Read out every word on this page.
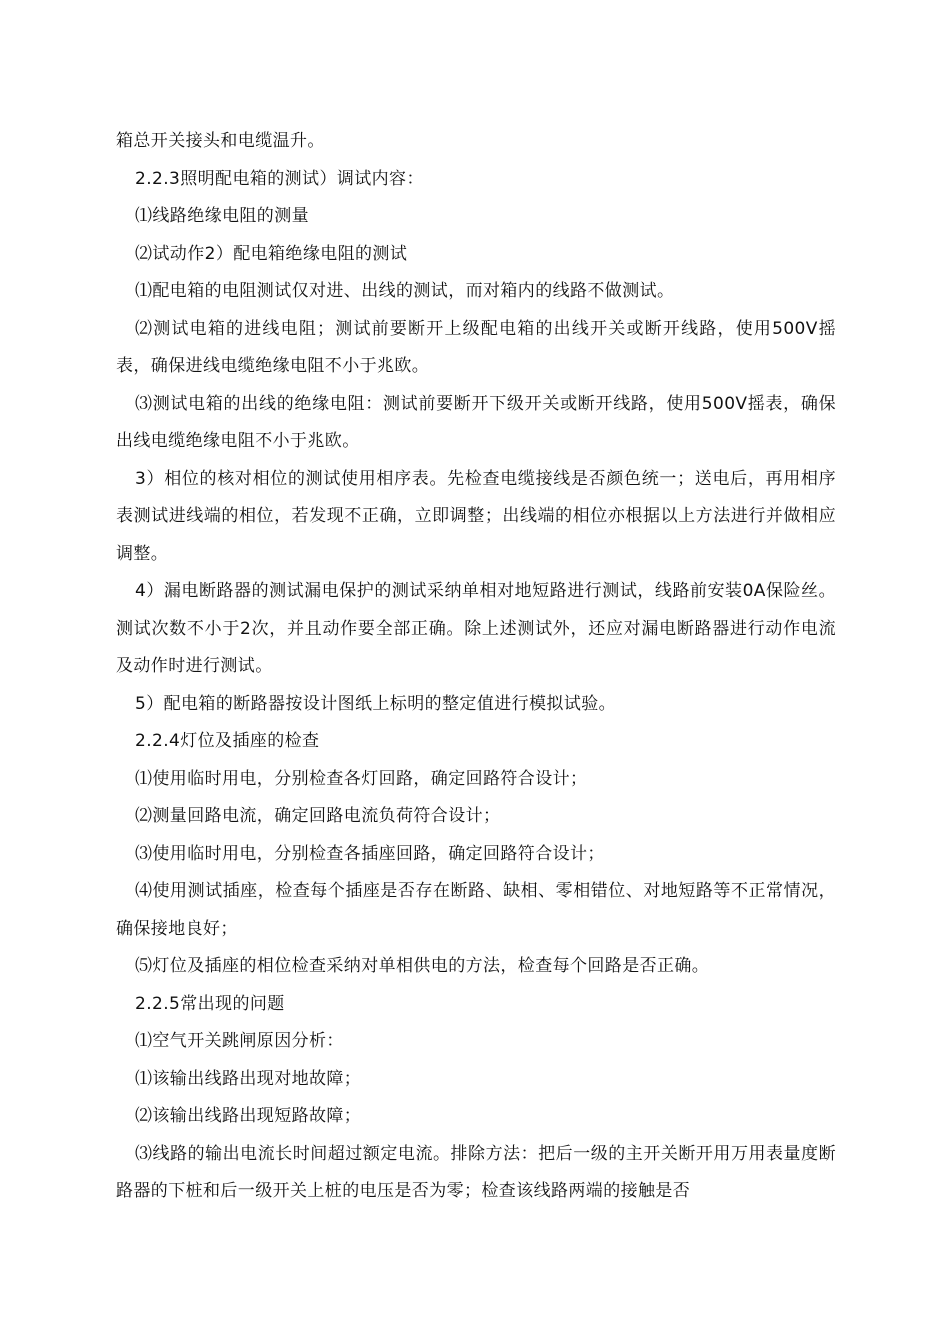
箱总开关接头和电缆温升。

2.2.3照明配电箱的测试）调试内容：

⑴线路绝缘电阻的测量

⑵试动作2）配电箱绝缘电阻的测试

⑴配电箱的电阻测试仅对进、出线的测试，而对箱内的线路不做测试。

⑵测试电箱的进线电阻；测试前要断开上级配电箱的出线开关或断开线路，使用500V摇表，确保进线电缆绝缘电阻不小于兆欧。

⑶测试电箱的出线的绝缘电阻：测试前要断开下级开关或断开线路，使用500V摇表，确保出线电缆绝缘电阻不小于兆欧。

3）相位的核对相位的测试使用相序表。先检查电缆接线是否颜色统一；送电后，再用相序表测试进线端的相位，若发现不正确，立即调整；出线端的相位亦根据以上方法进行并做相应调整。

4）漏电断路器的测试漏电保护的测试采纳单相对地短路进行测试，线路前安装0A保险丝。测试次数不小于2次，并且动作要全部正确。除上述测试外，还应对漏电断路器进行动作电流及动作时进行测试。

5）配电箱的断路器按设计图纸上标明的整定值进行模拟试验。

2.2.4灯位及插座的检查

⑴使用临时用电，分别检查各灯回路，确定回路符合设计；

⑵测量回路电流，确定回路电流负荷符合设计；

⑶使用临时用电，分别检查各插座回路，确定回路符合设计；

⑷使用测试插座，检查每个插座是否存在断路、缺相、零相错位、对地短路等不正常情况，确保接地良好；

⑸灯位及插座的相位检查采纳对单相供电的方法，检查每个回路是否正确。

2.2.5常出现的问题

⑴空气开关跳闸原因分析：

⑴该输出线路出现对地故障；

⑵该输出线路出现短路故障；

⑶线路的输出电流长时间超过额定电流。排除方法：把后一级的主开关断开用万用表量度断路器的下桩和后一级开关上桩的电压是否为零；检查该线路两端的接触是否
